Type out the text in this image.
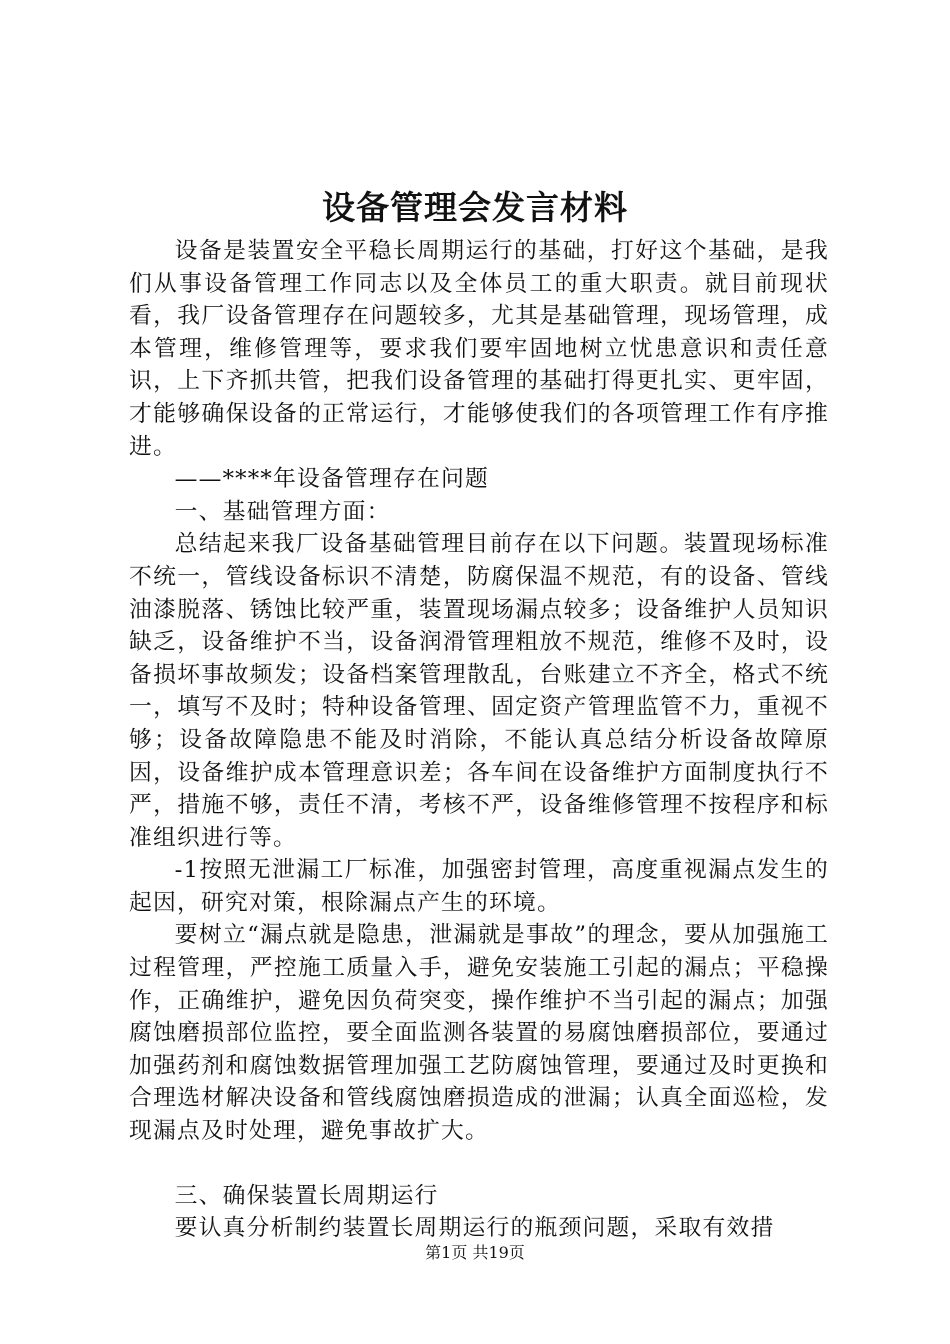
设备管理会发言材料

设备是装置安全平稳长周期运行的基础，打好这个基础，是我们从事设备管理工作同志以及全体员工的重大职责。就目前现状看，我厂设备管理存在问题较多，尤其是基础管理，现场管理，成本管理，维修管理等，要求我们要牢固地树立忧患意识和责任意识，上下齐抓共管，把我们设备管理的基础打得更扎实、更牢固，才能够确保设备的正常运行，才能够使我们的各项管理工作有序推进。

——****年设备管理存在问题

一、基础管理方面：

总结起来我厂设备基础管理目前存在以下问题。装置现场标准不统一，管线设备标识不清楚，防腐保温不规范，有的设备、管线油漆脱落、锈蚀比较严重，装置现场漏点较多；设备维护人员知识缺乏，设备维护不当，设备润滑管理粗放不规范，维修不及时，设备损坏事故频发；设备档案管理散乱，台账建立不齐全，格式不统一，填写不及时；特种设备管理、固定资产管理监管不力，重视不够；设备故障隐患不能及时消除，不能认真总结分析设备故障原因，设备维护成本管理意识差；各车间在设备维护方面制度执行不严，措施不够，责任不清，考核不严，设备维修管理不按程序和标准组织进行等。

-1按照无泄漏工厂标准，加强密封管理，高度重视漏点发生的起因，研究对策，根除漏点产生的环境。

要树立“漏点就是隐患，泄漏就是事故”的理念，要从加强施工过程管理，严控施工质量入手，避免安装施工引起的漏点；平稳操作，正确维护，避免因负荷突变，操作维护不当引起的漏点；加强腐蚀磨损部位监控，要全面监测各装置的易腐蚀磨损部位，要通过加强药剂和腐蚀数据管理加强工艺防腐蚀管理，要通过及时更换和合理选材解决设备和管线腐蚀磨损造成的泄漏；认真全面巡检，发现漏点及时处理，避免事故扩大。

三、确保装置长周期运行

要认真分析制约装置长周期运行的瓶颈问题，采取有效措

第1页 共19页
